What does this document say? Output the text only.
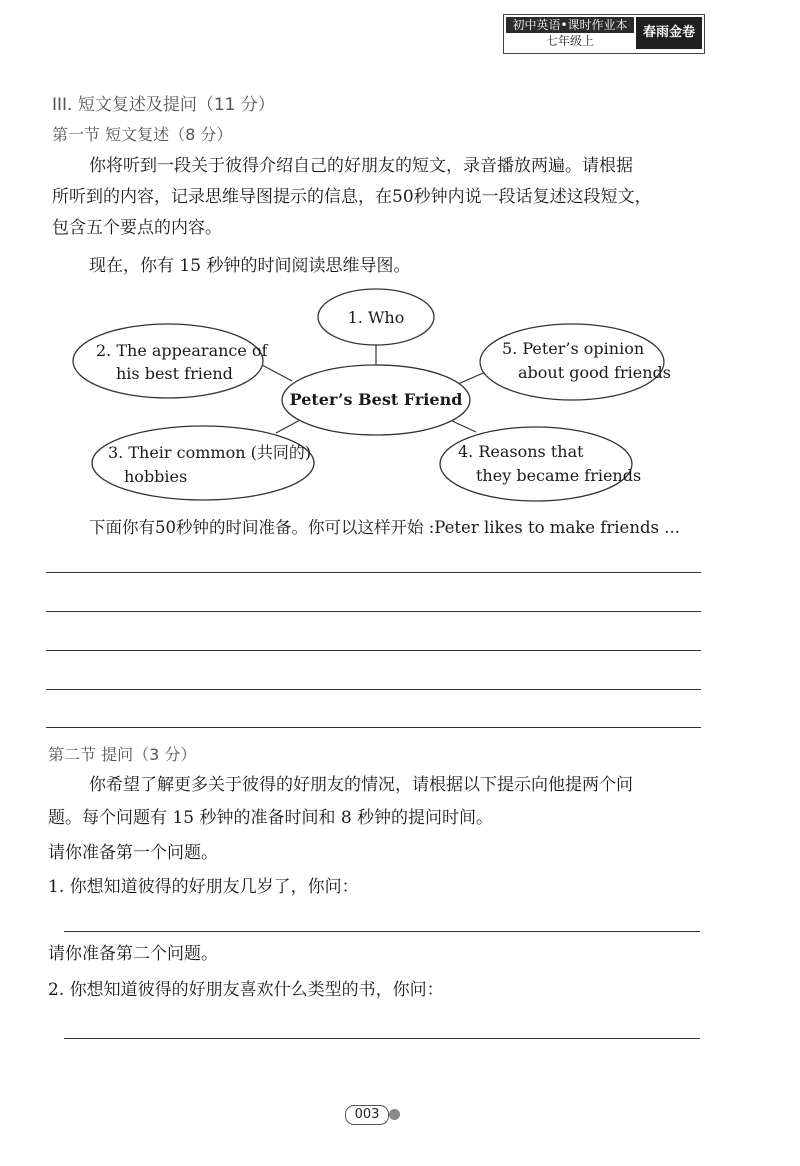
初中英语•课时作业本
七年级上
春雨金卷
III. 短文复述及提问（11 分）
第一节 短文复述（8 分）
你将听到一段关于彼得介绍自己的好朋友的短文，录音播放两遍。请根据
所听到的内容，记录思维导图提示的信息，在50秒钟内说一段话复述这段短文，
包含五个要点的内容。
现在，你有 15 秒钟的时间阅读思维导图。
Peter’s Best Friend
1. Who
2. The appearance of
his best friend
5. Peter’s opinion
about good friends
3. Their common (共同的)
hobbies
4. Reasons that
they became friends
下面你有50秒钟的时间准备。你可以这样开始 :Peter likes to make friends ...
第二节 提问（3 分）
你希望了解更多关于彼得的好朋友的情况，请根据以下提示向他提两个问
题。每个问题有 15 秒钟的准备时间和 8 秒钟的提问时间。
请你准备第一个问题。
1. 你想知道彼得的好朋友几岁了，你问：
请你准备第二个问题。
2. 你想知道彼得的好朋友喜欢什么类型的书，你问：
003
